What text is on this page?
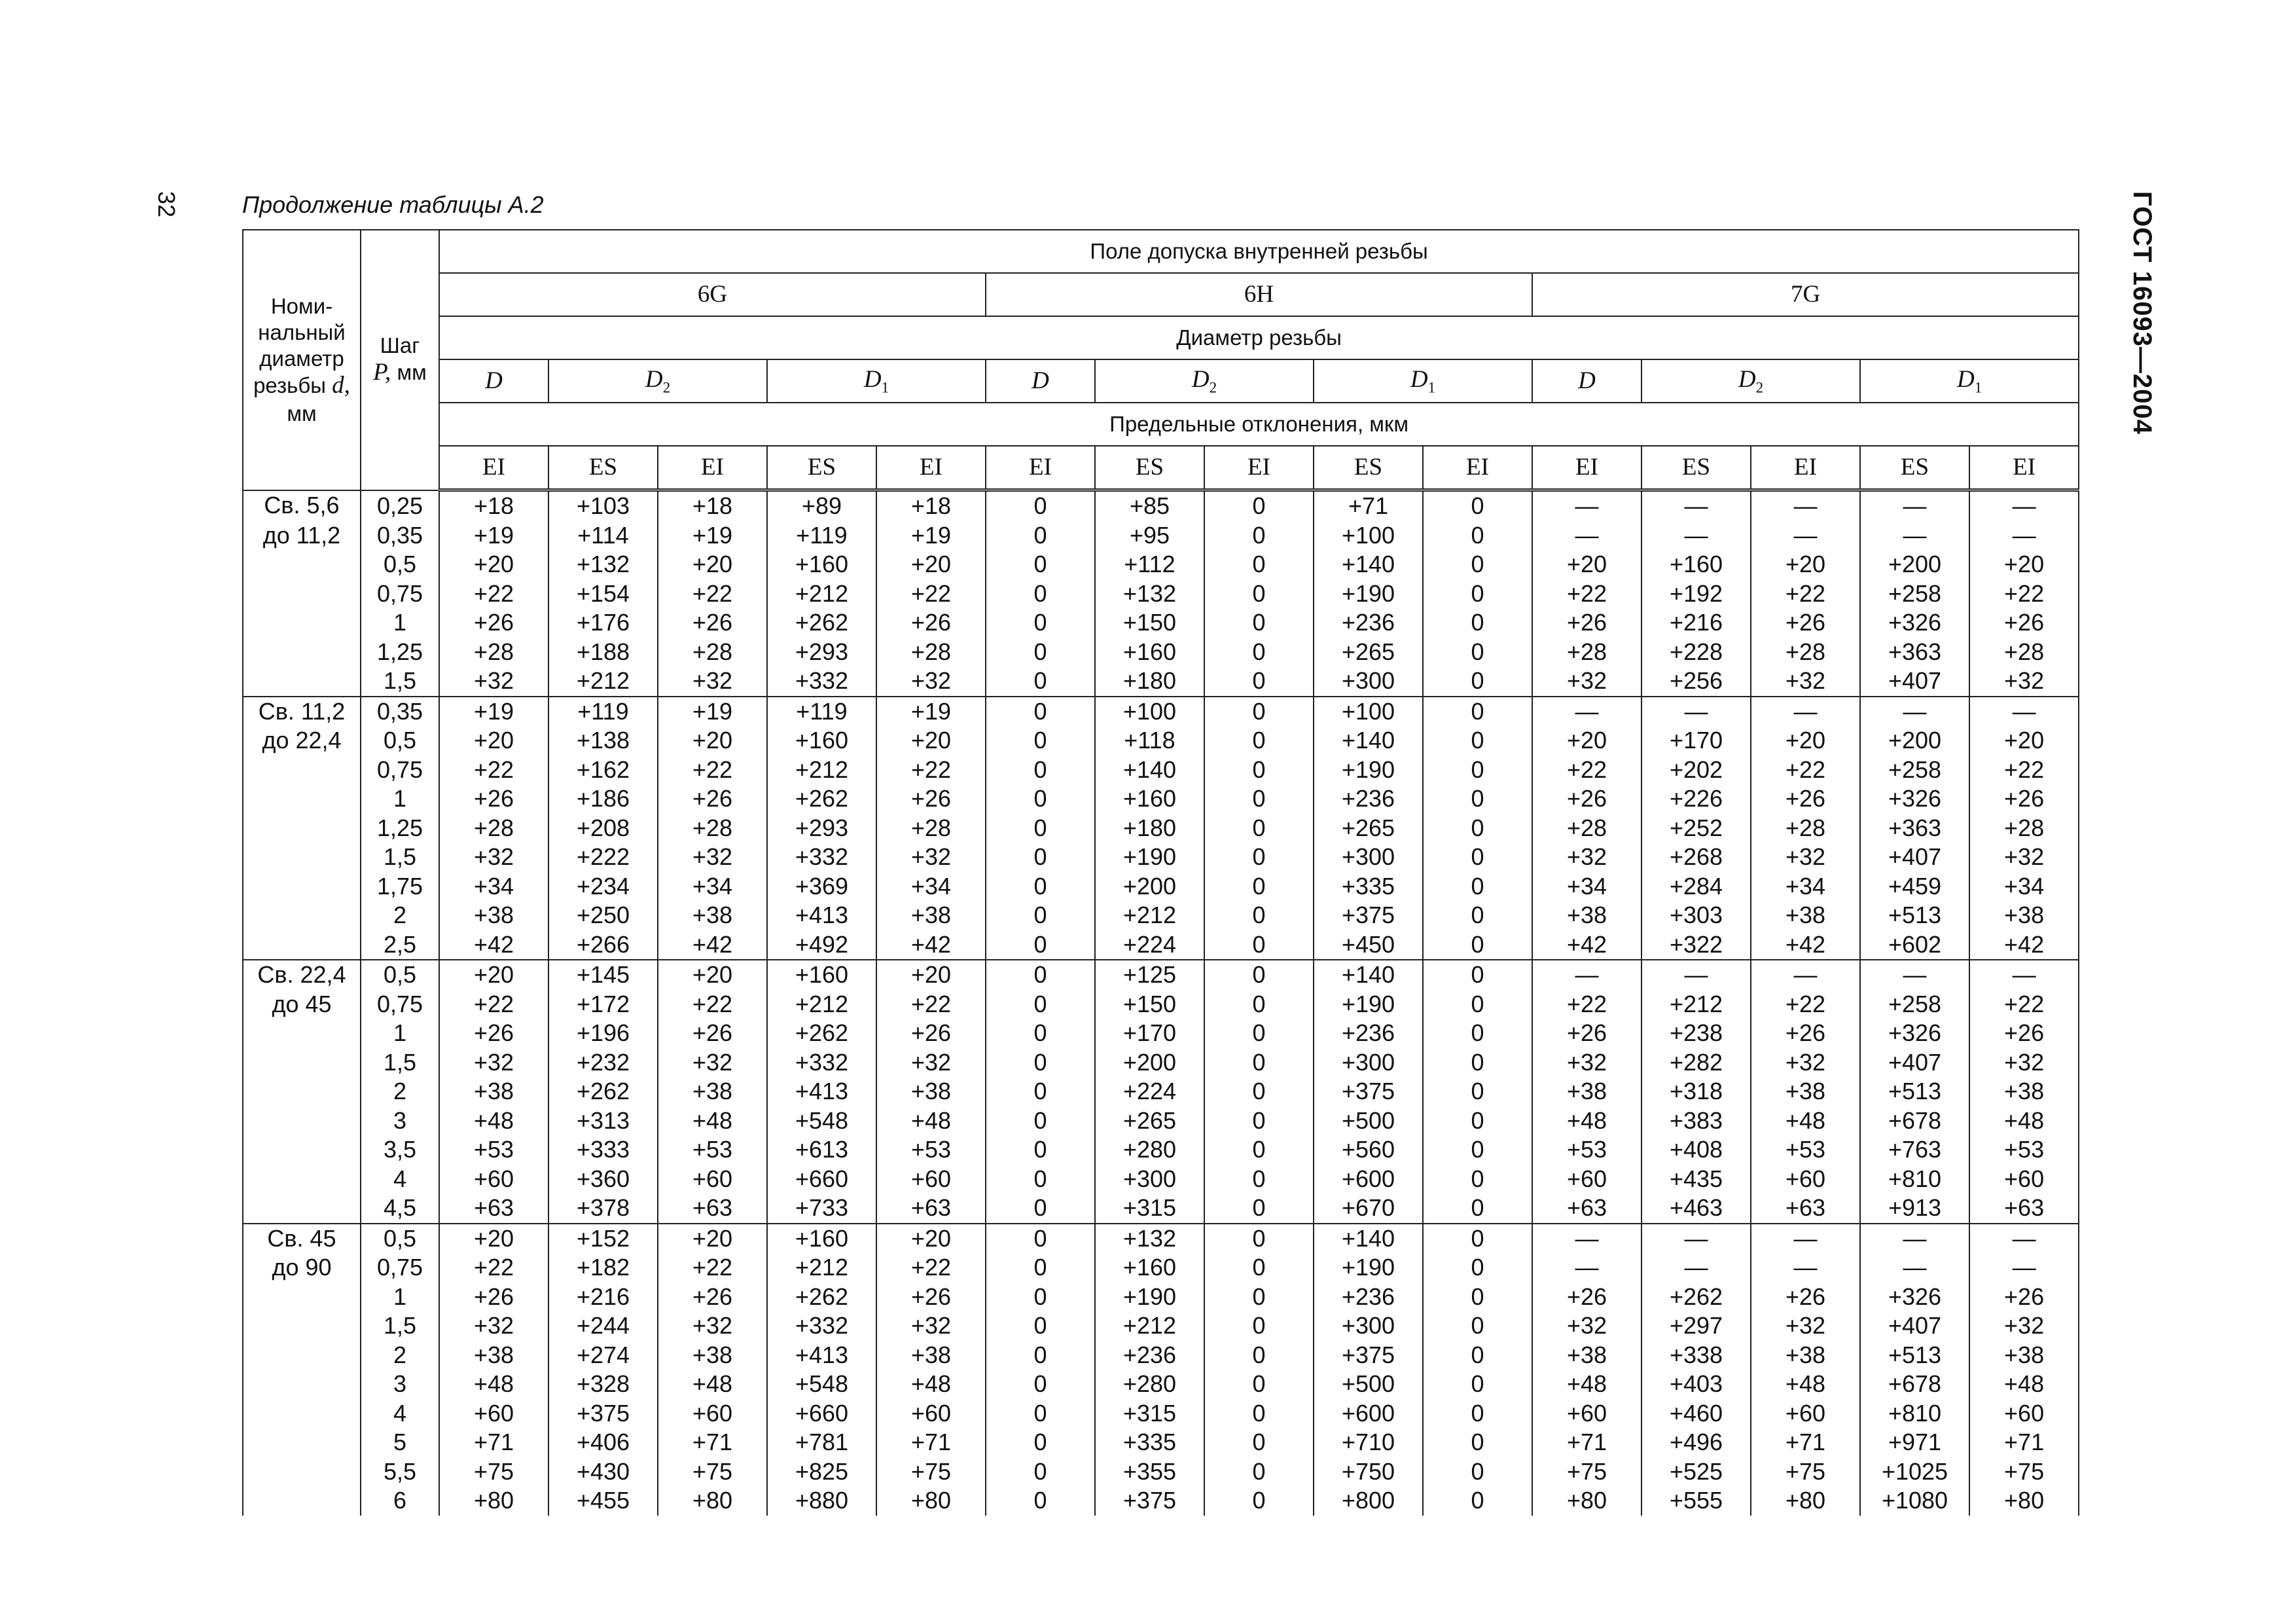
32	ГОСТ 16093—2004
Продолжение таблицы А.2
Номи-
нальный
диаметр
резьбы d,
мм	Шаг
P, мм	Поле допуска внутренней резьбы														
		6G					6H					7G				
		Диаметр резьбы														
		D	$D_2$		$D_1$		D	$D_2$		$D_1$		D	$D_2$		$D_1$
		Предельные отклонения, мкм														
		EI	ES	EI	ES	EI	EI	ES	EI	ES	EI	EI	ES	EI	ES	EI
Св. 5,6	0,25	+18	+103	+18	+89	+18	0	+85	0	+71	0	—	—	—	—	—
до 11,2	0,35	+19	+114	+19	+119	+19	0	+95	0	+100	0	—	—	—	—	—
	0,5	+20	+132	+20	+160	+20	0	+112	0	+140	0	+20	+160	+20	+200	+20
	0,75	+22	+154	+22	+212	+22	0	+132	0	+190	0	+22	+192	+22	+258	+22
	1	+26	+176	+26	+262	+26	0	+150	0	+236	0	+26	+216	+26	+326	+26
	1,25	+28	+188	+28	+293	+28	0	+160	0	+265	0	+28	+228	+28	+363	+28
	1,5	+32	+212	+32	+332	+32	0	+180	0	+300	0	+32	+256	+32	+407	+32
Св. 11,2	0,35	+19	+119	+19	+119	+19	0	+100	0	+100	0	—	—	—	—	—
до 22,4	0,5	+20	+138	+20	+160	+20	0	+118	0	+140	0	+20	+170	+20	+200	+20
	0,75	+22	+162	+22	+212	+22	0	+140	0	+190	0	+22	+202	+22	+258	+22
	1	+26	+186	+26	+262	+26	0	+160	0	+236	0	+26	+226	+26	+326	+26
	1,25	+28	+208	+28	+293	+28	0	+180	0	+265	0	+28	+252	+28	+363	+28
	1,5	+32	+222	+32	+332	+32	0	+190	0	+300	0	+32	+268	+32	+407	+32
	1,75	+34	+234	+34	+369	+34	0	+200	0	+335	0	+34	+284	+34	+459	+34
	2	+38	+250	+38	+413	+38	0	+212	0	+375	0	+38	+303	+38	+513	+38
	2,5	+42	+266	+42	+492	+42	0	+224	0	+450	0	+42	+322	+42	+602	+42
Св. 22,4	0,5	+20	+145	+20	+160	+20	0	+125	0	+140	0	—	—	—	—	—
до 45	0,75	+22	+172	+22	+212	+22	0	+150	0	+190	0	+22	+212	+22	+258	+22
	1	+26	+196	+26	+262	+26	0	+170	0	+236	0	+26	+238	+26	+326	+26
	1,5	+32	+232	+32	+332	+32	0	+200	0	+300	0	+32	+282	+32	+407	+32
	2	+38	+262	+38	+413	+38	0	+224	0	+375	0	+38	+318	+38	+513	+38
	3	+48	+313	+48	+548	+48	0	+265	0	+500	0	+48	+383	+48	+678	+48
	3,5	+53	+333	+53	+613	+53	0	+280	0	+560	0	+53	+408	+53	+763	+53
	4	+60	+360	+60	+660	+60	0	+300	0	+600	0	+60	+435	+60	+810	+60
	4,5	+63	+378	+63	+733	+63	0	+315	0	+670	0	+63	+463	+63	+913	+63
Св. 45	0,5	+20	+152	+20	+160	+20	0	+132	0	+140	0	—	—	—	—	—
до 90	0,75	+22	+182	+22	+212	+22	0	+160	0	+190	0	—	—	—	—	—
	1	+26	+216	+26	+262	+26	0	+190	0	+236	0	+26	+262	+26	+326	+26
	1,5	+32	+244	+32	+332	+32	0	+212	0	+300	0	+32	+297	+32	+407	+32
	2	+38	+274	+38	+413	+38	0	+236	0	+375	0	+38	+338	+38	+513	+38
	3	+48	+328	+48	+548	+48	0	+280	0	+500	0	+48	+403	+48	+678	+48
	4	+60	+375	+60	+660	+60	0	+315	0	+600	0	+60	+460	+60	+810	+60
	5	+71	+406	+71	+781	+71	0	+335	0	+710	0	+71	+496	+71	+971	+71
	5,5	+75	+430	+75	+825	+75	0	+355	0	+750	0	+75	+525	+75	+1025	+75
	6	+80	+455	+80	+880	+80	0	+375	0	+800	0	+80	+555	+80	+1080	+80
